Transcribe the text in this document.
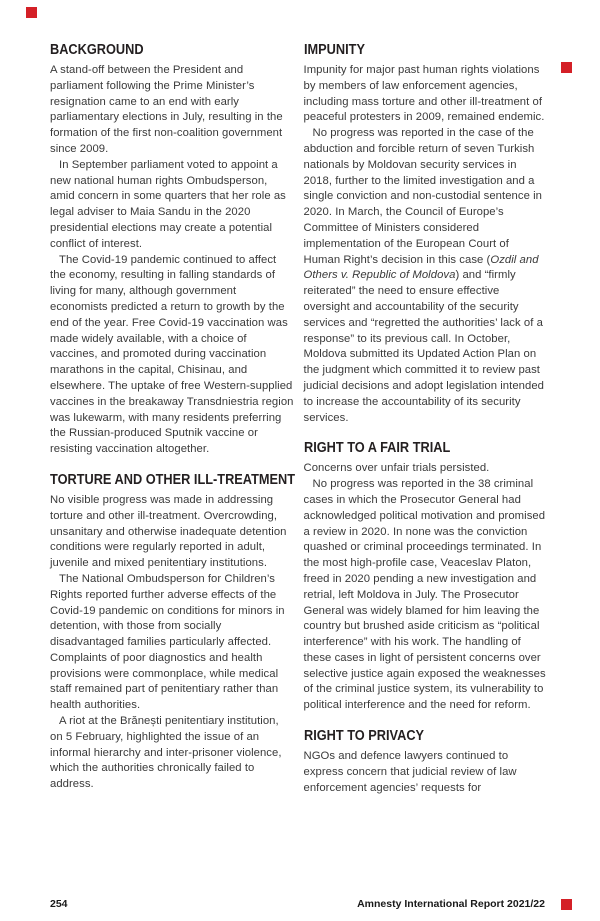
BACKGROUND

A stand-off between the President and parliament following the Prime Minister’s resignation came to an end with early parliamentary elections in July, resulting in the formation of the first non-coalition government since 2009.

In September parliament voted to appoint a new national human rights Ombudsperson, amid concern in some quarters that her role as legal adviser to Maia Sandu in the 2020 presidential elections may create a potential conflict of interest.

The Covid-19 pandemic continued to affect the economy, resulting in falling standards of living for many, although government economists predicted a return to growth by the end of the year. Free Covid-19 vaccination was made widely available, with a choice of vaccines, and promoted during vaccination marathons in the capital, Chisinau, and elsewhere. The uptake of free Western-supplied vaccines in the breakaway Transdniestria region was lukewarm, with many residents preferring the Russian-produced Sputnik vaccine or resisting vaccination altogether.

TORTURE AND OTHER ILL-TREATMENT

No visible progress was made in addressing torture and other ill-treatment. Overcrowding, unsanitary and otherwise inadequate detention conditions were regularly reported in adult, juvenile and mixed penitentiary institutions.

The National Ombudsperson for Children’s Rights reported further adverse effects of the Covid-19 pandemic on conditions for minors in detention, with those from socially disadvantaged families particularly affected. Complaints of poor diagnostics and health provisions were commonplace, while medical staff remained part of penitentiary rather than health authorities.

A riot at the Brănești penitentiary institution, on 5 February, highlighted the issue of an informal hierarchy and inter-prisoner violence, which the authorities chronically failed to address.

IMPUNITY

Impunity for major past human rights violations by members of law enforcement agencies, including mass torture and other ill-treatment of peaceful protesters in 2009, remained endemic.

No progress was reported in the case of the abduction and forcible return of seven Turkish nationals by Moldovan security services in 2018, further to the limited investigation and a single conviction and non-custodial sentence in 2020. In March, the Council of Europe’s Committee of Ministers considered implementation of the European Court of Human Right’s decision in this case (Ozdil and Others v. Republic of Moldova) and “firmly reiterated” the need to ensure effective oversight and accountability of the security services and “regretted the authorities’ lack of a response” to its previous call. In October, Moldova submitted its Updated Action Plan on the judgment which committed it to review past judicial decisions and adopt legislation intended to increase the accountability of its security services.

RIGHT TO A FAIR TRIAL

Concerns over unfair trials persisted.

No progress was reported in the 38 criminal cases in which the Prosecutor General had acknowledged political motivation and promised a review in 2020. In none was the conviction quashed or criminal proceedings terminated. In the most high-profile case, Veaceslav Platon, freed in 2020 pending a new investigation and retrial, left Moldova in July. The Prosecutor General was widely blamed for him leaving the country but brushed aside criticism as “political interference” with his work. The handling of these cases in light of persistent concerns over selective justice again exposed the weaknesses of the criminal justice system, its vulnerability to political interference and the need for reform.

RIGHT TO PRIVACY

NGOs and defence lawyers continued to express concern that judicial review of law enforcement agencies’ requests for

254	Amnesty International Report 2021/22
